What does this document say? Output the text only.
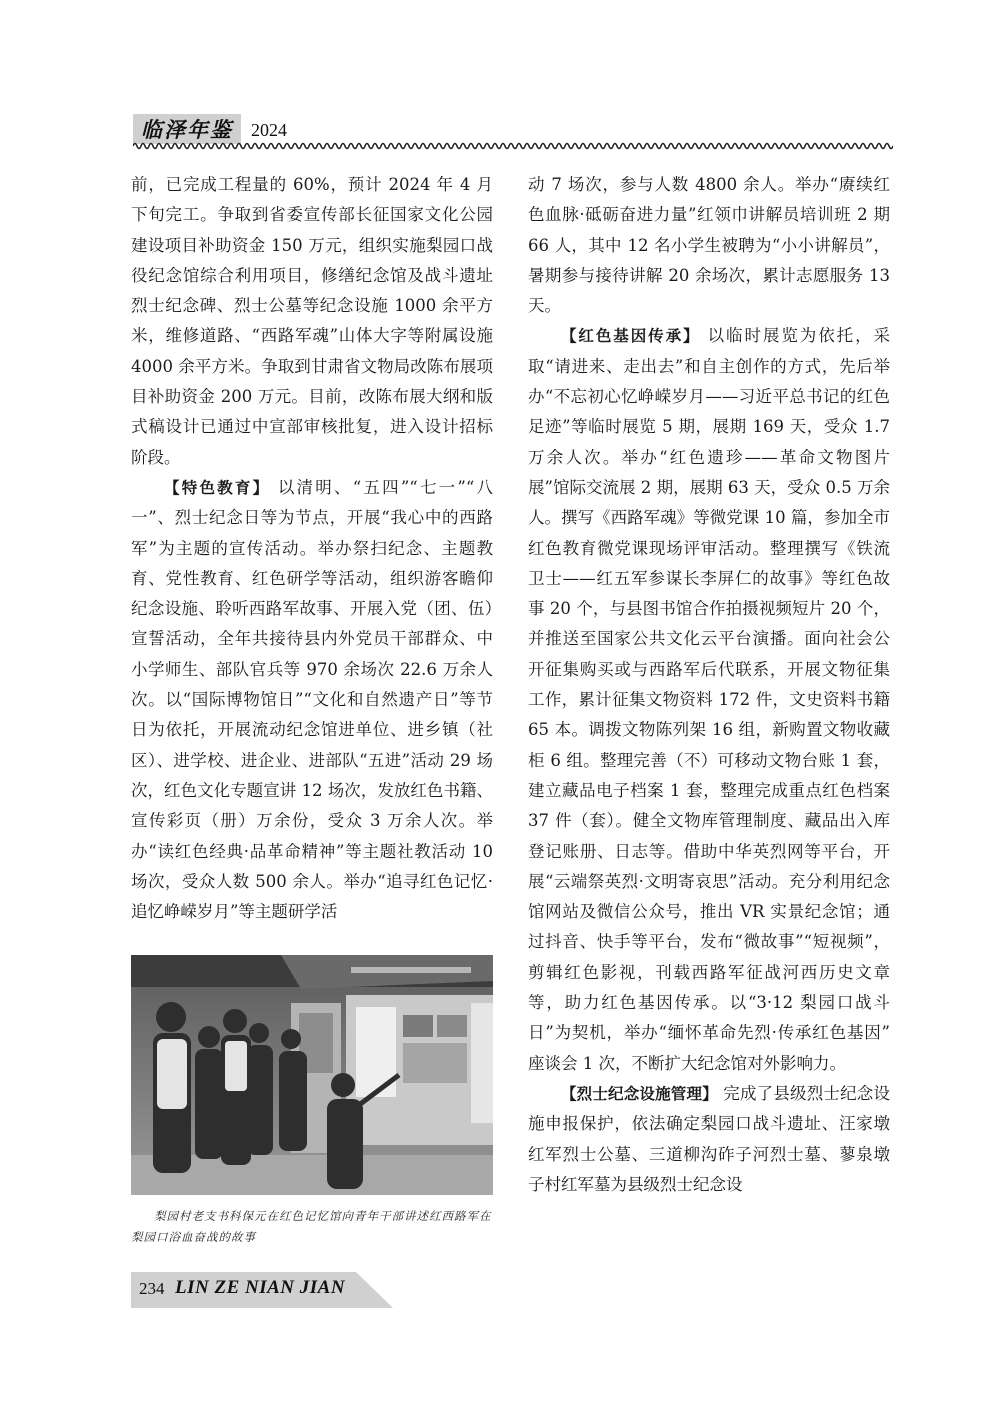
临泽年鉴 2024

前，已完成工程量的 60%，预计 2024 年 4 月下旬完工。争取到省委宣传部长征国家文化公园建设项目补助资金 150 万元，组织实施梨园口战役纪念馆综合利用项目，修缮纪念馆及战斗遗址烈士纪念碑、烈士公墓等纪念设施 1000 余平方米，维修道路、“西路军魂”山体大字等附属设施 4000 余平方米。争取到甘肃省文物局改陈布展项目补助资金 200 万元。目前，改陈布展大纲和版式稿设计已通过中宣部审核批复，进入设计招标阶段。

【特色教育】 以清明、“五四”“七一”“八一”、烈士纪念日等为节点，开展“我心中的西路军”为主题的宣传活动。举办祭扫纪念、主题教育、党性教育、红色研学等活动，组织游客瞻仰纪念设施、聆听西路军故事、开展入党（团、伍）宣誓活动，全年共接待县内外党员干部群众、中小学师生、部队官兵等 970 余场次 22.6 万余人次。以“国际博物馆日”“文化和自然遗产日”等节日为依托，开展流动纪念馆进单位、进乡镇（社区）、进学校、进企业、进部队“五进”活动 29 场次，红色文化专题宣讲 12 场次，发放红色书籍、宣传彩页（册）万余份，受众 3 万余人次。举办“读红色经典·品革命精神”等主题社教活动 10 场次，受众人数 500 余人。举办“追寻红色记忆·追忆峥嵘岁月”等主题研学活

梨园村老支书科保元在红色记忆馆向青年干部讲述红西路军在梨园口浴血奋战的故事

动 7 场次，参与人数 4800 余人。举办“赓续红色血脉·砥砺奋进力量”红领巾讲解员培训班 2 期 66 人，其中 12 名小学生被聘为“小小讲解员”，暑期参与接待讲解 20 余场次，累计志愿服务 13 天。

【红色基因传承】 以临时展览为依托，采取“请进来、走出去”和自主创作的方式，先后举办“不忘初心忆峥嵘岁月——习近平总书记的红色足迹”等临时展览 5 期，展期 169 天，受众 1.7 万余人次。举办“红色遗珍——革命文物图片展”馆际交流展 2 期，展期 63 天，受众 0.5 万余人。撰写《西路军魂》等微党课 10 篇，参加全市红色教育微党课现场评审活动。整理撰写《铁流卫士——红五军参谋长李屏仁的故事》等红色故事 20 个，与县图书馆合作拍摄视频短片 20 个，并推送至国家公共文化云平台演播。面向社会公开征集购买或与西路军后代联系，开展文物征集工作，累计征集文物资料 172 件，文史资料书籍 65 本。调拨文物陈列架 16 组，新购置文物收藏柜 6 组。整理完善（不）可移动文物台账 1 套，建立藏品电子档案 1 套，整理完成重点红色档案 37 件（套）。健全文物库管理制度、藏品出入库登记账册、日志等。借助中华英烈网等平台，开展“云端祭英烈·文明寄哀思”活动。充分利用纪念馆网站及微信公众号，推出 VR 实景纪念馆；通过抖音、快手等平台，发布“微故事”“短视频”，剪辑红色影视，刊载西路军征战河西历史文章等，助力红色基因传承。以“3·12 梨园口战斗日”为契机，举办“缅怀革命先烈·传承红色基因” 座谈会 1 次，不断扩大纪念馆对外影响力。

【烈士纪念设施管理】 完成了县级烈士纪念设施申报保护，依法确定梨园口战斗遗址、汪家墩红军烈士公墓、三道柳沟砟子河烈士墓、蓼泉墩子村红军墓为县级烈士纪念设

234 LIN ZE NIAN JIAN
